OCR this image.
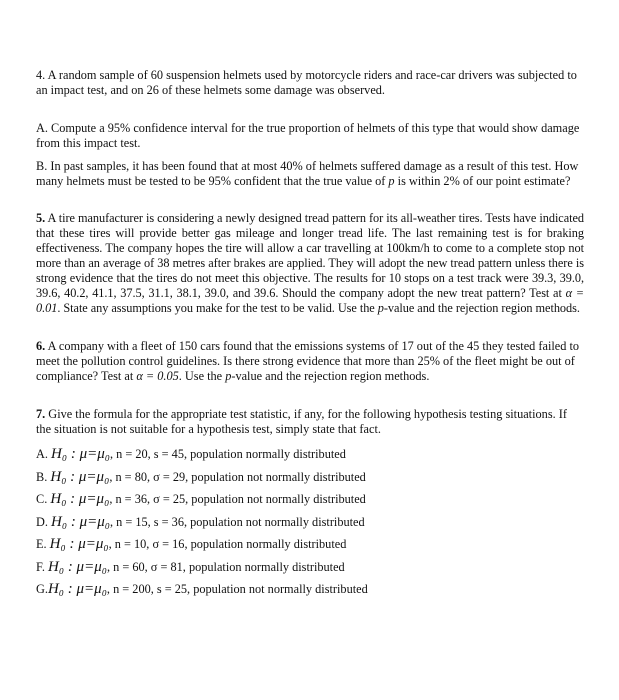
4. A random sample of 60 suspension helmets used by motorcycle riders and race-car drivers was subjected to an impact test, and on 26 of these helmets some damage was observed.

A. Compute a 95% confidence interval for the true proportion of helmets of this type that would show damage from this impact test.

B. In past samples, it has been found that at most 40% of helmets suffered damage as a result of this test. How many helmets must be tested to be 95% confident that the true value of p is within 2% of our point estimate?

5. A tire manufacturer is considering a newly designed tread pattern for its all-weather tires. Tests have indicated that these tires will provide better gas mileage and longer tread life. The last remaining test is for braking effectiveness. The company hopes the tire will allow a car travelling at 100km/h to come to a complete stop not more than an average of 38 metres after brakes are applied. They will adopt the new tread pattern unless there is strong evidence that the tires do not meet this objective. The results for 10 stops on a test track were 39.3, 39.0, 39.6, 40.2, 41.1, 37.5, 31.1, 38.1, 39.0, and 39.6. Should the company adopt the new treat pattern? Test at α = 0.01. State any assumptions you make for the test to be valid. Use the p-value and the rejection region methods.

6. A company with a fleet of 150 cars found that the emissions systems of 17 out of the 45 they tested failed to meet the pollution control guidelines. Is there strong evidence that more than 25% of the fleet might be out of compliance? Test at α = 0.05. Use the p-value and the rejection region methods.

7. Give the formula for the appropriate test statistic, if any, for the following hypothesis testing situations. If the situation is not suitable for a hypothesis test, simply state that fact.

A. H₀ : μ=μ₀, n = 20, s = 45, population normally distributed
B. H₀ : μ=μ₀, n = 80, σ = 29, population not normally distributed
C. H₀ : μ=μ₀, n = 36, σ = 25, population not normally distributed
D. H₀ : μ=μ₀, n = 15, s = 36, population not normally distributed
E. H₀ : μ=μ₀, n = 10, σ = 16, population normally distributed
F. H₀ : μ=μ₀, n = 60, σ = 81, population normally distributed
G.H₀ : μ=μ₀, n = 200, s = 25, population not normally distributed
